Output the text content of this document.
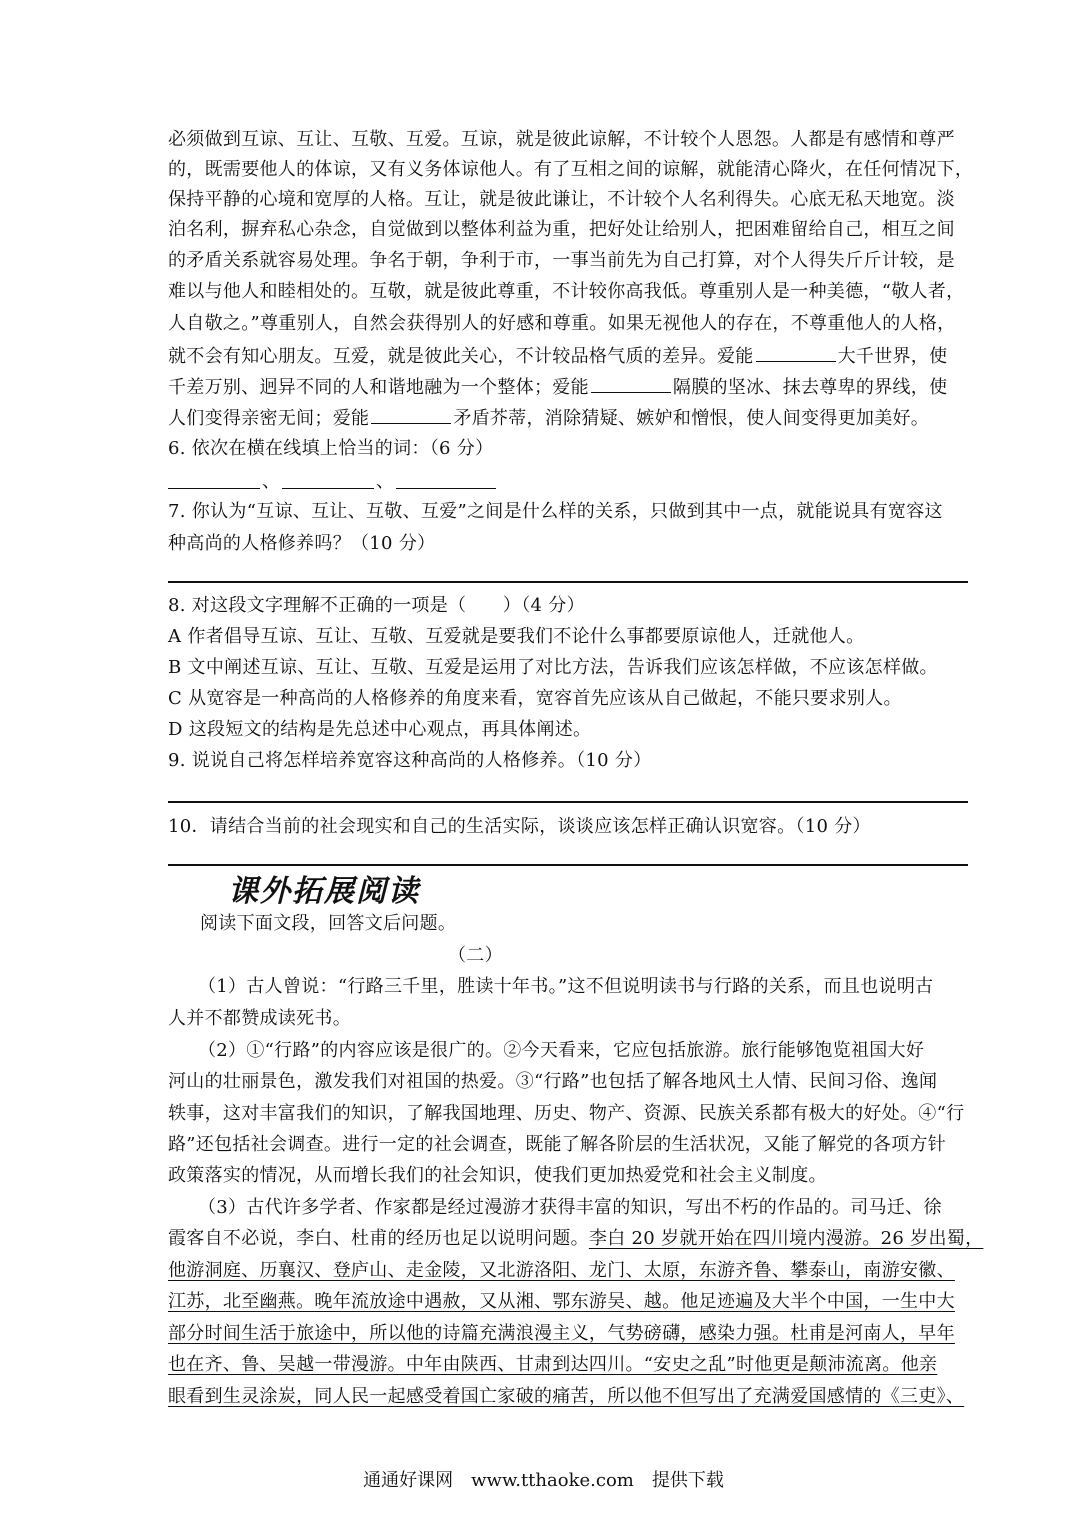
必须做到互谅、互让、互敬、互爱。互谅，就是彼此谅解，不计较个人恩怨。人都是有感情和尊严
的，既需要他人的体谅，又有义务体谅他人。有了互相之间的谅解，就能清心降火，在任何情况下，
保持平静的心境和宽厚的人格。互让，就是彼此谦让，不计较个人名利得失。心底无私天地宽。淡
泊名利，摒弃私心杂念，自觉做到以整体利益为重，把好处让给别人，把困难留给自己，相互之间
的矛盾关系就容易处理。争名于朝，争利于市，一事当前先为自己打算，对个人得失斤斤计较，是
难以与他人和睦相处的。互敬，就是彼此尊重，不计较你高我低。尊重别人是一种美德，“敬人者，
人自敬之。”尊重别人，自然会获得别人的好感和尊重。如果无视他人的存在，不尊重他人的人格，
就不会有知心朋友。互爱，就是彼此关心，不计较品格气质的差异。爱能	大千世界，使
千差万别、迥异不同的人和谐地融为一个整体；爱能	隔膜的坚冰、抹去尊卑的界线，使
人们变得亲密无间；爱能	矛盾芥蒂，消除猜疑、嫉妒和憎恨，使人间变得更加美好。
6. 依次在横在线填上恰当的词：（6 分）
、	、
7. 你认为“互谅、互让、互敬、互爱”之间是什么样的关系，只做到其中一点，就能说具有宽容这
种高尚的人格修养吗？（10 分）
8. 对这段文字理解不正确的一项是（　　）（4 分）
A 作者倡导互谅、互让、互敬、互爱就是要我们不论什么事都要原谅他人，迁就他人。
B 文中阐述互谅、互让、互敬、互爱是运用了对比方法，告诉我们应该怎样做，不应该怎样做。
C 从宽容是一种高尚的人格修养的角度来看，宽容首先应该从自己做起，不能只要求别人。
D 这段短文的结构是先总述中心观点，再具体阐述。
9. 说说自己将怎样培养宽容这种高尚的人格修养。（10 分）
10．请结合当前的社会现实和自己的生活实际，谈谈应该怎样正确认识宽容。（10 分）
课外拓展阅读
阅读下面文段，回答文后问题。
（二）
（1）古人曾说：“行路三千里，胜读十年书。”这不但说明读书与行路的关系，而且也说明古
人并不都赞成读死书。
（2）①“行路”的内容应该是很广的。②今天看来，它应包括旅游。旅行能够饱览祖国大好
河山的壮丽景色，激发我们对祖国的热爱。③“行路”也包括了解各地风土人情、民间习俗、逸闻
轶事，这对丰富我们的知识，了解我国地理、历史、物产、资源、民族关系都有极大的好处。④“行
路”还包括社会调查。进行一定的社会调查，既能了解各阶层的生活状况，又能了解党的各项方针
政策落实的情况，从而增长我们的社会知识，使我们更加热爱党和社会主义制度。
（3）古代许多学者、作家都是经过漫游才获得丰富的知识，写出不朽的作品的。司马迁、徐
霞客自不必说，李白、杜甫的经历也足以说明问题。李白 20 岁就开始在四川境内漫游。26 岁出蜀，
他游洞庭、历襄汉、登庐山、走金陵，又北游洛阳、龙门、太原，东游齐鲁、攀泰山，南游安徽、
江苏，北至幽燕。晚年流放途中遇赦，又从湘、鄂东游吴、越。他足迹遍及大半个中国，一生中大
部分时间生活于旅途中，所以他的诗篇充满浪漫主义，气势磅礴，感染力强。杜甫是河南人，早年
也在齐、鲁、吴越一带漫游。中年由陕西、甘肃到达四川。“安史之乱”时他更是颠沛流离。他亲
眼看到生灵涂炭，同人民一起感受着国亡家破的痛苦，所以他不但写出了充满爱国感情的《三吏》、
通通好课网　www.tthaoke.com　提供下载
